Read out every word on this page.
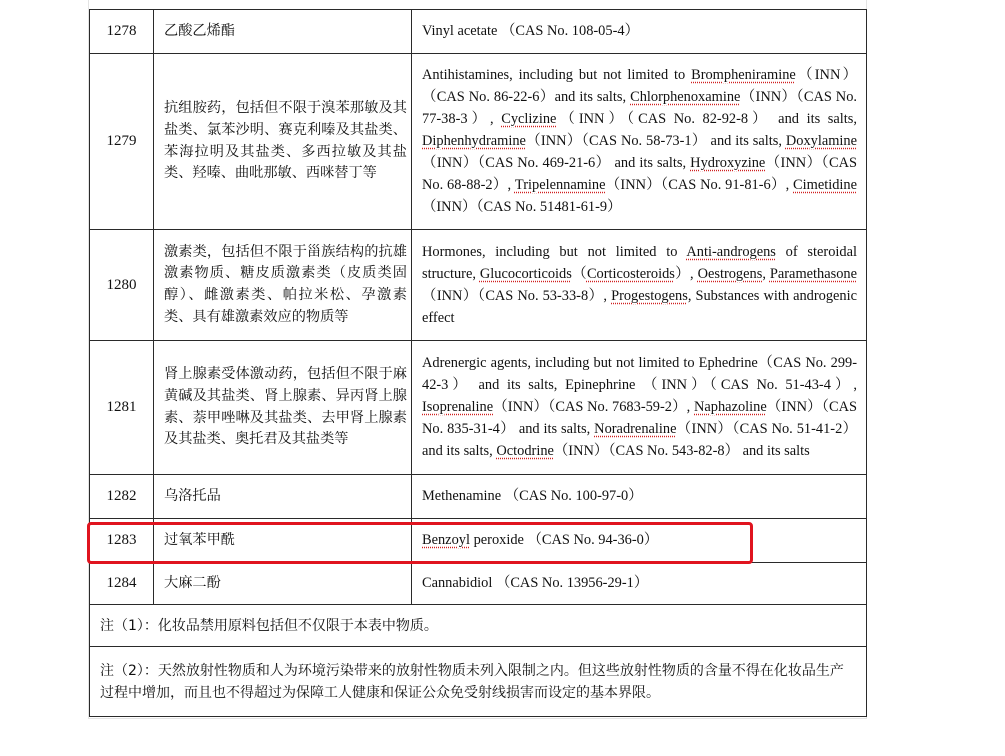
1278	乙酸乙烯酯	Vinyl acetate （CAS No. 108-05-4）
1279	抗组胺药，包括但不限于溴苯那敏及其盐类、氯苯沙明、赛克利嗪及其盐类、苯海拉明及其盐类、多西拉敏及其盐类、羟嗪、曲吡那敏、西咪替丁等	Antihistamines, including but not limited to Brompheniramine（INN）（CAS No. 86-22-6）and its salts, Chlorphenoxamine（INN）（CAS No. 77-38-3）, Cyclizine（INN）（CAS No. 82-92-8） and its salts, Diphenhydramine（INN）（CAS No. 58-73-1） and its salts, Doxylamine（INN）（CAS No. 469-21-6） and its salts, Hydroxyzine（INN）（CAS No. 68-88-2）, Tripelennamine（INN）（CAS No. 91-81-6）, Cimetidine（INN）（CAS No. 51481-61-9）
1280	激素类，包括但不限于甾族结构的抗雄激素物质、糖皮质激素类（皮质类固醇）、雌激素类、帕拉米松、孕激素类、具有雄激素效应的物质等	Hormones, including but not limited to Anti-androgens of steroidal structure, Glucocorticoids（Corticosteroids）, Oestrogens, Paramethasone（INN）（CAS No. 53-33-8）, Progestogens, Substances with androgenic effect
1281	肾上腺素受体激动药，包括但不限于麻黄碱及其盐类、肾上腺素、异丙肾上腺素、萘甲唑啉及其盐类、去甲肾上腺素及其盐类、奥托君及其盐类等	Adrenergic agents, including but not limited to Ephedrine（CAS No. 299-42-3） and its salts, Epinephrine （INN）（CAS No. 51-43-4）, Isoprenaline（INN）（CAS No. 7683-59-2）, Naphazoline（INN）（CAS No. 835-31-4） and its salts, Noradrenaline（INN）（CAS No. 51-41-2） and its salts, Octodrine（INN）（CAS No. 543-82-8） and its salts
1282	乌洛托品	Methenamine （CAS No. 100-97-0）
1283	过氧苯甲酰	Benzoyl peroxide （CAS No. 94-36-0）
1284	大麻二酚	Cannabidiol （CAS No. 13956-29-1）
注（1）：化妆品禁用原料包括但不仅限于本表中物质。		
注（2）：天然放射性物质和人为环境污染带来的放射性物质未列入限制之内。但这些放射性物质的含量不得在化妆品生产过程中增加，而且也不得超过为保障工人健康和保证公众免受射线损害而设定的基本界限。		
